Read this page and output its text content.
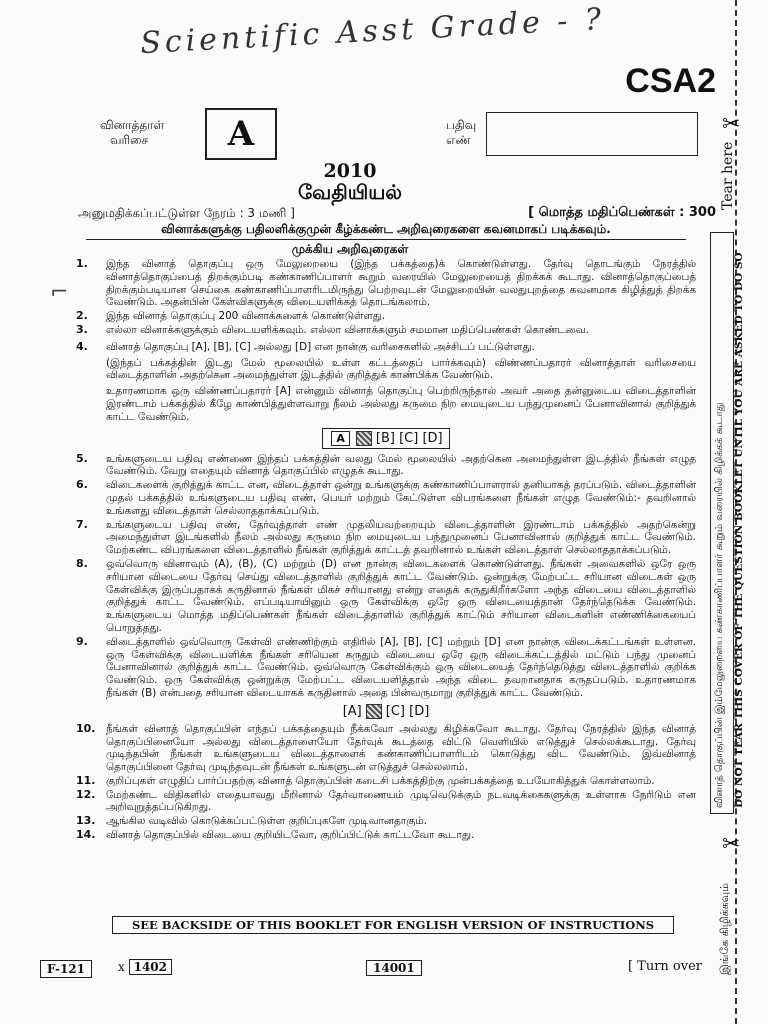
Scientific Asst Grade - ?
CSA2
வினாத்தாள்
வரிசை	A	பதிவு
எண்
2010
வேதியியல்
அனுமதிக்கப்பட்டுள்ள நேரம் : 3 மணி ]	[ மொத்த மதிப்பெண்கள் : 300
வினாக்களுக்கு பதிலளிக்குமுன் கீழ்க்கண்ட அறிவுரைகளை கவனமாகப் படிக்கவும்.
முக்கிய அறிவுரைகள்
⌐
1.	இந்த வினாத் தொகுப்பு ஒரு மேலுறையை (இந்த பக்கத்தை)க் கொண்டுள்ளது. தேர்வு தொடங்கும் நேரத்தில் வினாத்தொகுப்பைத் திறக்கும்படி கண்காணிப்பாளர் கூறும் வரையில் மேலுறையைத் திறக்கக் கூடாது. வினாத்தொகுப்பைத் திறக்கும்படியான செய்கை கண்காணிப்பாளரிடமிருந்து பெற்றவுடன் மேலுறையின் வலதுபுறத்தை கவனமாக கிழித்துத் திறக்க வேண்டும். அதன்பின் கேள்விகளுக்கு விடையளிக்கத் தொடங்கலாம்.
2.	இந்த வினாத் தொகுப்பு 200 வினாக்களைக் கொண்டுள்ளது.
3.	எல்லா வினாக்களுக்கும் விடையளிக்கவும். எல்லா வினாக்களும் சமமான மதிப்பெண்கள் கொண்டவை.
4.	வினாத் தொகுப்பு [A], [B], [C] அல்லது [D] என நான்கு வரிசைகளில் அச்சிடப் பட்டுள்ளது.
(இந்தப் பக்கத்தின் இடது மேல் மூலையில் உள்ள கட்டத்தைப் பார்க்கவும்) விண்ணப்பதாரர் வினாத்தாள் வரிசையை விடைத்தாளின் அதற்கென அமைந்துள்ள இடத்தில் குறித்துக் காண்பிக்க வேண்டும்.
உதாரணமாக ஒரு விண்ணப்பதாரர் [A] என்னும் வினாத் தொகுப்பு பெற்றிருந்தால் அவர் அதை தன்னுடைய விடைத்தாளின் இரண்டாம் பக்கத்தில் கீழே காண்பித்துள்ளவாறு நீலம் அல்லது கருமை நிற மையுடைய பந்துமுனைப் பேனாவினால் குறித்துக் காட்ட வேண்டும்.
A [B] [C] [D]
5.	உங்களுடைய பதிவு எண்ணை இந்தப் பக்கத்தின் வலது மேல் மூலையில் அதற்கென அமைந்துள்ள இடத்தில் நீங்கள் எழுத வேண்டும். வேறு எதையும் வினாத் தொகுப்பில் எழுதக் கூடாது.
6.	விடைகளைக் குறித்துக் காட்ட என, விடைத்தாள் ஒன்று உங்களுக்கு கண்காணிப்பாளரால் தனியாகத் தரப்படும். விடைத்தாளின் முதல் பக்கத்தில் உங்களுடைய பதிவு எண், பெயர் மற்றும் கேட்டுள்ள விபரங்களை நீங்கள் எழுத வேண்டும்:- தவறினால் உங்களது விடைத்தாள் செல்லாததாக்கப்படும்.
7.	உங்களுடைய பதிவு எண், தேர்வுத்தாள் எண் முதலியவற்றையும் விடைத்தாளின் இரண்டாம் பக்கத்தில் அதற்கென்று அமைந்துள்ள இடங்களில் நீலம் அல்லது கருமை நிற மையுடைய பந்துமுனைப் பேனாவினால் குறித்துக் காட்ட வேண்டும். மேற்கண்ட விபரங்களை விடைத்தாளில் நீங்கள் குறித்துக் காட்டத் தவறினால் உங்கள் விடைத்தாள் செல்லாததாக்கப்படும்.
8.	ஒவ்வொரு வினாவும் (A), (B), (C) மற்றும் (D) என நான்கு விடைகளைக் கொண்டுள்ளது. நீங்கள் அவைகளில் ஒரே ஒரு சரியான விடையை தேர்வு செய்து விடைத்தாளில் குறித்துக் காட்ட வேண்டும். ஒன்றுக்கு மேற்பட்ட சரியான விடைகள் ஒரு கேள்விக்கு இருப்பதாகக் கருதினால் நீங்கள் மிகச் சரியானது என்று எதைக் கருதுகிறீர்களோ அந்த விடையை விடைத்தாளில் குறித்துக் காட்ட வேண்டும். எப்படியாயினும் ஒரு கேள்விக்கு ஒரே ஒரு விடையைத்தான் தேர்ந்தெடுக்க வேண்டும். உங்களுடைய மொத்த மதிப்பெண்கள் நீங்கள் விடைத்தாளில் குறித்துக் காட்டும் சரியான விடைகளின் எண்ணிக்கையைப் பொறுத்தது.
9.	விடைத்தாளில் ஒவ்வொரு கேள்வி எண்ணிற்கும் எதிரில் [A], [B], [C] மற்றும் [D] என நான்கு விடைக்கட்டங்கள் உள்ளன. ஒரு கேள்விக்கு விடையளிக்க நீங்கள் சரியென கருதும் விடையை ஒரே ஒரு விடைக்கட்டத்தில் மட்டும் பந்து முனைப் பேனாவினால் குறித்துக் காட்ட வேண்டும். ஒவ்வொரு கேள்விக்கும் ஒரு விடையைத் தேர்ந்தெடுத்து விடைத்தாளில் குறிக்க வேண்டும். ஒரு கேள்விக்கு ஒன்றுக்கு மேற்பட்ட விடையளித்தால் அந்த விடை தவறானதாக கருதப்படும். உதாரணமாக நீங்கள் (B) என்பதை சரியான விடையாகக் கருதினால் அதை பின்வருமாறு குறித்துக் காட்ட வேண்டும்.
[A] [C] [D]
10.	நீங்கள் வினாத் தொகுப்பின் எந்தப் பக்கத்தையும் நீக்கவோ அல்லது கிழிக்கவோ கூடாது. தேர்வு நேரத்தில் இந்த வினாத் தொகுப்பினையோ அல்லது விடைத்தாளையோ தேர்வுக் கூடத்தை விட்டு வெளியில் எடுத்துச் செல்லக்கூடாது. தேர்வு முடிந்தபின் நீங்கள் உங்களுடைய விடைத்தாளைக் கண்காணிப்பாளரிடம் கொடுத்து விட வேண்டும். இவ்வினாத் தொகுப்பினை தேர்வு முடிந்தவுடன் நீங்கள் உங்களுடன் எடுத்துச் செல்லலாம்.
11.	குறிப்புகள் எழுதிப் பார்ப்பதற்கு வினாத் தொகுப்பின் கடைசி பக்கத்திற்கு முன்பக்கத்தை உபயோகித்துக் கொள்ளலாம்.
12.	மேற்கண்ட விதிகளில் எதையாவது மீறினால் தேர்வாணையம் முடிவெடுக்கும் நடவடிக்கைகளுக்கு உள்ளாக நேரிடும் என அறிவுறுத்தப்படுகிறது.
13.	ஆங்கில வடிவில் கொடுக்கப்பட்டுள்ள குறிப்புகளே முடிவானதாகும்.
14.	வினாத் தொகுப்பில் விடையை குறியிடவோ, குறிப்பிட்டுக் காட்டவோ கூடாது.
SEE BACKSIDE OF THIS BOOKLET FOR ENGLISH VERSION OF INSTRUCTIONS
F-121	x 1402	14001	[ Turn over
✂
Tear here
DO NOT TEAR THIS COVER OF THE QUESTION BOOKLET UNTIL YOU ARE ASKED TO DO SO
வினாத் தொகுப்பின் இம்மேலுறையை கண்காணிப்பாளர் கூறும் வரையில் கிழிக்கக் கூடாது
✂
இங்கே கிழிக்கவும்
